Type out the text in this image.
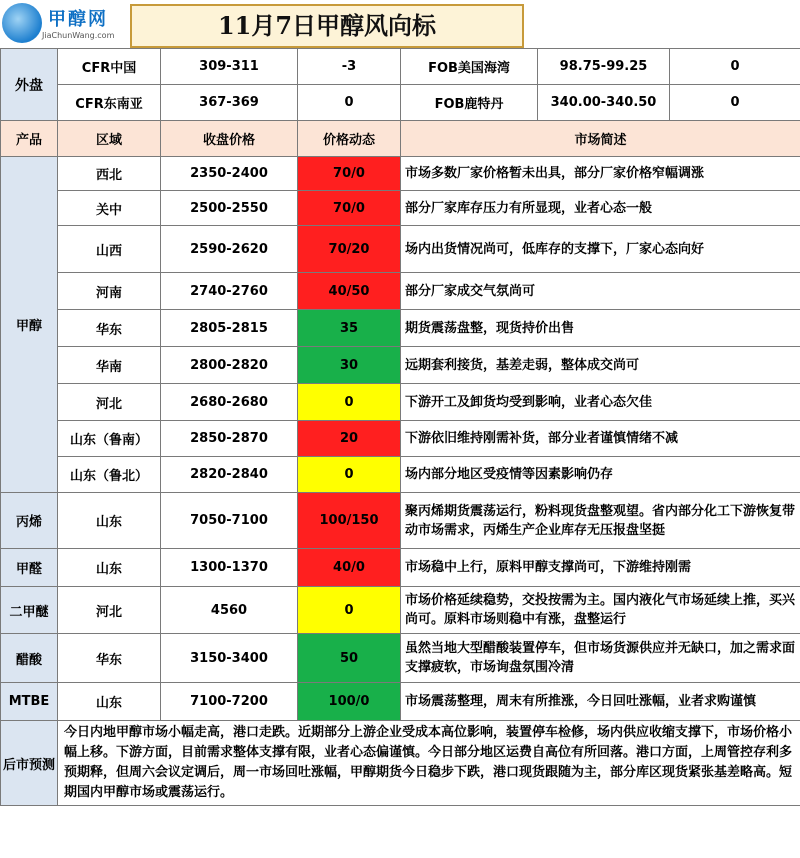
甲醇网
JiaChunWang.com	11月7日甲醇风向标
外盘	CFR中国	309-311	-3	FOB美国海湾	98.75-99.25	0
	CFR东南亚	367-369	0	FOB鹿特丹	340.00-340.50	0
产品	区域	收盘价格	价格动态	市场简述		
甲醇	西北	2350-2400	70/0	市场多数厂家价格暂未出具，部分厂家价格窄幅调涨		
	关中	2500-2550	70/0	部分厂家库存压力有所显现，业者心态一般		
	山西	2590-2620	70/20	场内出货情况尚可，低库存的支撑下，厂家心态向好		
	河南	2740-2760	40/50	部分厂家成交气氛尚可		
	华东	2805-2815	35	期货震荡盘整，现货持价出售		
	华南	2800-2820	30	远期套利接货，基差走弱，整体成交尚可		
	河北	2680-2680	0	下游开工及卸货均受到影响，业者心态欠佳		
	山东（鲁南）	2850-2870	20	下游依旧维持刚需补货，部分业者谨慎情绪不减		
	山东（鲁北）	2820-2840	0	场内部分地区受疫情等因素影响仍存		
丙烯	山东	7050-7100	100/150	聚丙烯期货震荡运行，粉料现货盘整观望。省内部分化工下游恢复带动市场需求，丙烯生产企业库存无压报盘坚挺		
甲醛	山东	1300-1370	40/0	市场稳中上行，原料甲醇支撑尚可，下游维持刚需		
二甲醚	河北	4560	0	市场价格延续稳势，交投按需为主。国内液化气市场延续上推，买兴尚可。原料市场则稳中有涨，盘整运行		
醋酸	华东	3150-3400	50	虽然当地大型醋酸装置停车，但市场货源供应并无缺口，加之需求面支撑疲软，市场询盘氛围冷清		
MTBE	山东	7100-7200	100/0	市场震荡整理，周末有所推涨，今日回吐涨幅，业者求购谨慎		
后市预测	今日内地甲醇市场小幅走高，港口走跌。近期部分上游企业受成本高位影响，装置停车检修，场内供应收缩支撑下，市场价格小幅上移。下游方面，目前需求整体支撑有限，业者心态偏谨慎。今日部分地区运费自高位有所回落。港口方面，上周管控存利多预期释，但周六会议定调后，周一市场回吐涨幅，甲醇期货今日稳步下跌，港口现货跟随为主，部分库区现货紧张基差略高。短期国内甲醇市场或震荡运行。					
